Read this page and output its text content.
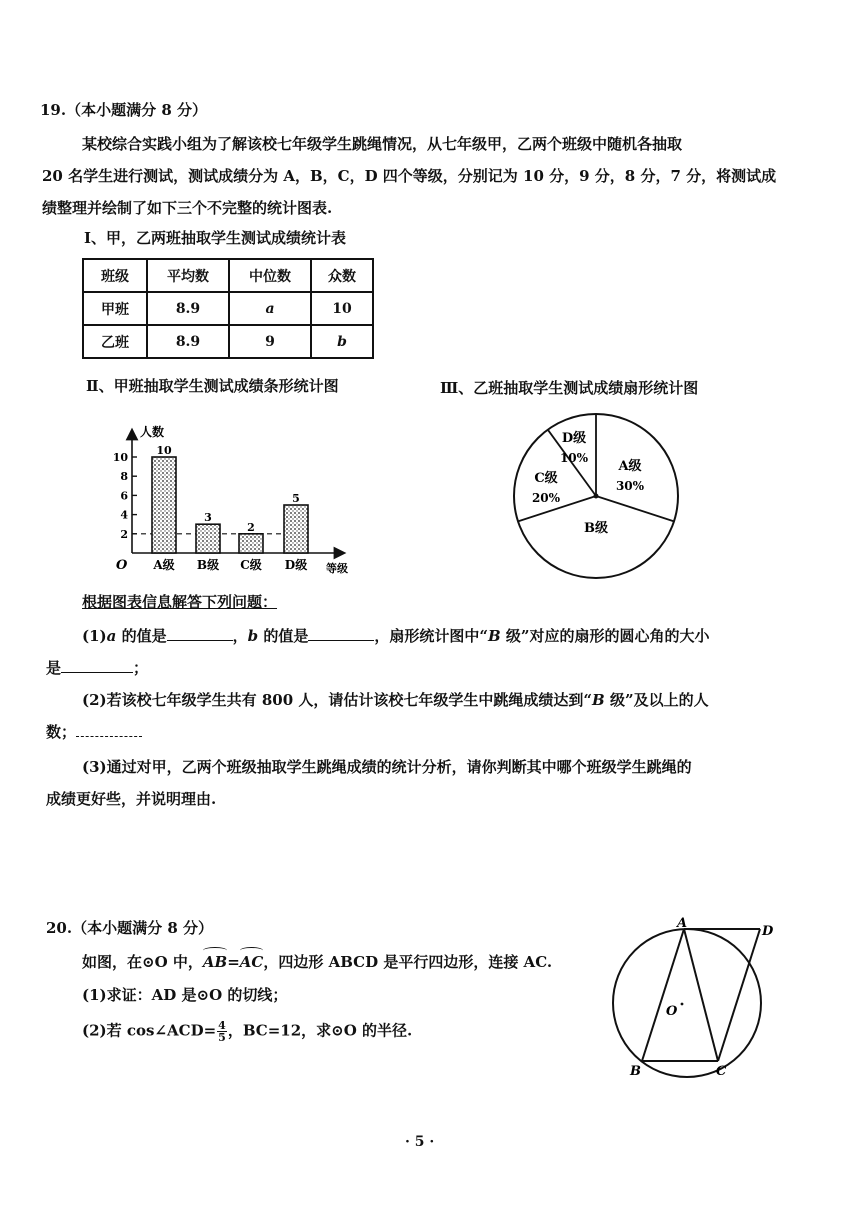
19.（本小题满分 8 分）
某校综合实践小组为了解该校七年级学生跳绳情况，从七年级甲，乙两个班级中随机各抽取
20 名学生进行测试，测试成绩分为 A，B，C，D 四个等级，分别记为 10 分，9 分，8 分，7 分，将测试成
绩整理并绘制了如下三个不完整的统计图表.
Ⅰ、甲，乙两班抽取学生测试成绩统计表
班级	平均数	中位数	众数
甲班	8.9	a	10
乙班	8.9	9	b
Ⅱ、甲班抽取学生测试成绩条形统计图	Ⅲ、乙班抽取学生测试成绩扇形统计图
人数
等级
O
2
4
6
8
10
10
A级
3
B级
2
C级
5
D级
A级
30%
B级
C级
20%
D级
10%
根据图表信息解答下列问题：
(1)a 的值是	，b 的值是	，扇形统计图中“B 级”对应的扇形的圆心角的大小
是	；
(2)若该校七年级学生共有 800 人，请估计该校七年级学生中跳绳成绩达到“B 级”及以上的人
数；
(3)通过对甲，乙两个班级抽取学生跳绳成绩的统计分析，请你判断其中哪个班级学生跳绳的
成绩更好些，并说明理由.
20.（本小题满分 8 分）
如图，在⊙O 中，AB=AC，四边形 ABCD 是平行四边形，连接 AC.
(1)求证：AD 是⊙O 的切线；
(2)若 cos∠ACD= $\frac{4}{5}$ ，BC=12，求⊙O 的半径.
A
D
B	C
O
· 5 ·
